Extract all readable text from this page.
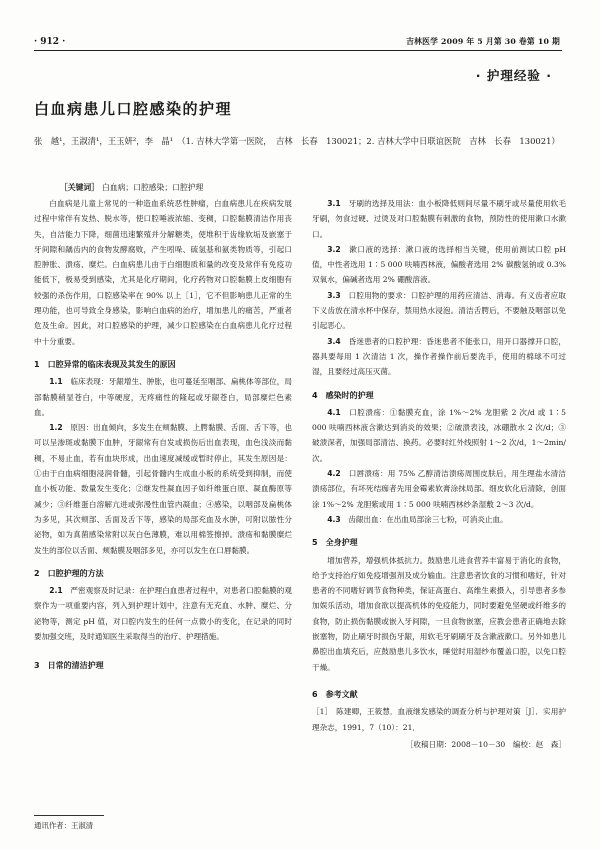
· 912 ·	吉林医学 2009 年 5 月第 30 卷第 10 期
· 护理经验 ·
白血病患儿口腔感染的护理
张　越¹，王淑清¹，王玉妍²，李　晶¹　（1. 吉林大学第一医院，　吉林　长春　130021；2. 吉林大学中日联谊医院　吉林　长春　130021）
［关键词］ 白血病；口腔感染；口腔护理

白血病是儿童上常见的一种造血系统恶性肿瘤，白血病患儿在疾病发展过程中常伴有发热、脱水等，使口腔唾液浓缩、变稠，口腔黏膜清洁作用丧失，自洁能力下降，细菌迅速繁殖并分解糖类，使堆积于齿缘软垢及嵌塞于牙间隙和龋齿内的食物发酵腐败，产生吲哚、硫氢基和氨类物质等，引起口腔肿胀、溃疡、糜烂。白血病患儿由于白细胞质和量的改变及常伴有免疫功能低下，极易受到感染，尤其是化疗期间，化疗药物对口腔黏膜上皮细胞有较强的杀伤作用，口腔感染率在 90% 以上［1］，它不但影响患儿正常的生理功能，也可导致全身感染，影响白血病的治疗，增加患儿的痛苦，严重者危及生命。因此，对口腔感染的护理，减少口腔感染在白血病患儿化疗过程中十分重要。

1　口腔异常的临床表现及其发生的原因

1.1　 临床表现：牙龈增生、肿胀，也可蔓延至咽部、扁桃体等部位，局部黏膜稍显苍白，中等硬度，无疼痛性的隆起或牙龈苍白，局部糜烂色素血。

1.2　 原因：出血倾向，多发生在颊黏膜、上腭黏膜、舌面、舌下等，也可以呈渗斑或黏膜下血肿，牙龈常有自发或损伤后出血表现，血色浅淡而黏稠，不易止血，若有血块形成，出血速度减缓或暂时停止，其发生原因是：①由于白血病细胞浸润骨髓，引起骨髓内生成血小板的系统受到抑制，而使血小板功能、数量发生变化；②继发性凝血因子如纤维蛋白原、凝血酶原等减少；③纤维蛋白溶解亢进或弥漫性血管内凝血；④感染，以咽部及扁桃体为多见，其次颊部、舌面及舌下等，感染的局部充血及水肿，可附以脓性分泌物，如为真菌感染常附以灰白色薄膜，难以用棉签擦掉。溃疡和黏膜糜烂发生的部位以舌面、颊黏膜及咽部多见，亦可以发生在口唇黏膜。

2　口腔护理的方法

2.1　 严密观察及时记录：在护理白血患者过程中，对患者口腔黏膜的观察作为一项重要内容，列入到护理计划中，注意有无充血、水肿、糜烂、分泌物等，测定 pH 值，对口腔内发生的任何一点微小的变化，在记录的同时要加强交班，及时通知医生采取得当的治疗、护理措施。

3　日常的清洁护理

3.1　 牙刷的选择及用法：血小板降低则间尽量不刷牙或尽量使用软毛牙刷，勿食过硬、过烫及对口腔黏膜有刺激的食物，预防性的使用漱口水漱口。

3.2　 漱口液的选择：漱口液的选择相当关键，使用前测试口腔 pH 值，中性者选用 1∶5 000 呋喃西林液，偏酸者选用 2% 碳酸氢钠或 0.3% 双氧水，偏碱者选用 2% 硼酸溶液。

3.3　 口腔用物的要求：口腔护理的用药应清洁、消毒。有义齿者应取下义齿放在清水杯中保存，禁用热水浸泡。清洁舌腭后，不要触及咽部以免引起恶心。

3.4　 昏迷患者的口腔护理：昏迷患者不能张口，用开口器撑开口腔，器具要每用 1 次清洁 1 次，操作者操作前后要洗手，使用的棉球不可过湿，且要经过高压灭菌。

4　感染时的护理

4.1　 口腔溃疡：①黏膜充血，涂 1%～2% 龙胆紫 2 次/d 或 1∶5 000 呋喃西林液含漱达到消炎的效果；②破溃表浅，冰硼散水 2 次/d；③破溃深者，加强局部清洁、换药。必要时红外线照射 1～2 次/d，1～2min/次。

4.2　 口唇溃疡：用 75% 乙醇清洁溃疡周围皮肤后，用生理盐水清洁溃疡部位，有坏死结痂者先用金霉素软膏涂抹局部。细皮软化后清除，创面涂 1%～2% 龙胆紫或用 1∶5 000 呋喃西林纱条湿敷 2～3 次/d。

4.3　 齿龈出血：在出血局部涂三七粉，可消炎止血。

5　全身护理

增加营养，增强机体抵抗力。鼓励患儿进食营养丰富易于消化的食物，给予支持治疗如免疫增强剂及成分输血。注意患者饮食的习惯和嗜好，针对患者的不同嗜好调节食物种类，保证高蛋白、高维生素摄入，引导患者多参加娱乐活动，增加食欲以提高机体的免疫能力，同时要避免坚硬或纤维多的食物，防止损伤黏膜或嵌入牙间隙，一旦食物嵌塞，应教会患者正确地去除嵌塞物，防止刷牙时损伤牙龈，用软毛牙刷刷牙及含漱液漱口。另外如患儿鼻腔出血填充后，应鼓励患儿多饮水，睡觉时用湿纱布覆盖口腔，以免口腔干燥。

6　参考文献

［1］　陈建卿，王筱慧．血液继发感染的调查分析与护理对策［J］．实用护理杂志，1991，7（10）：21．

［收稿日期：2008－10－30　编校：赵　森］

通讯作者：王淑清
